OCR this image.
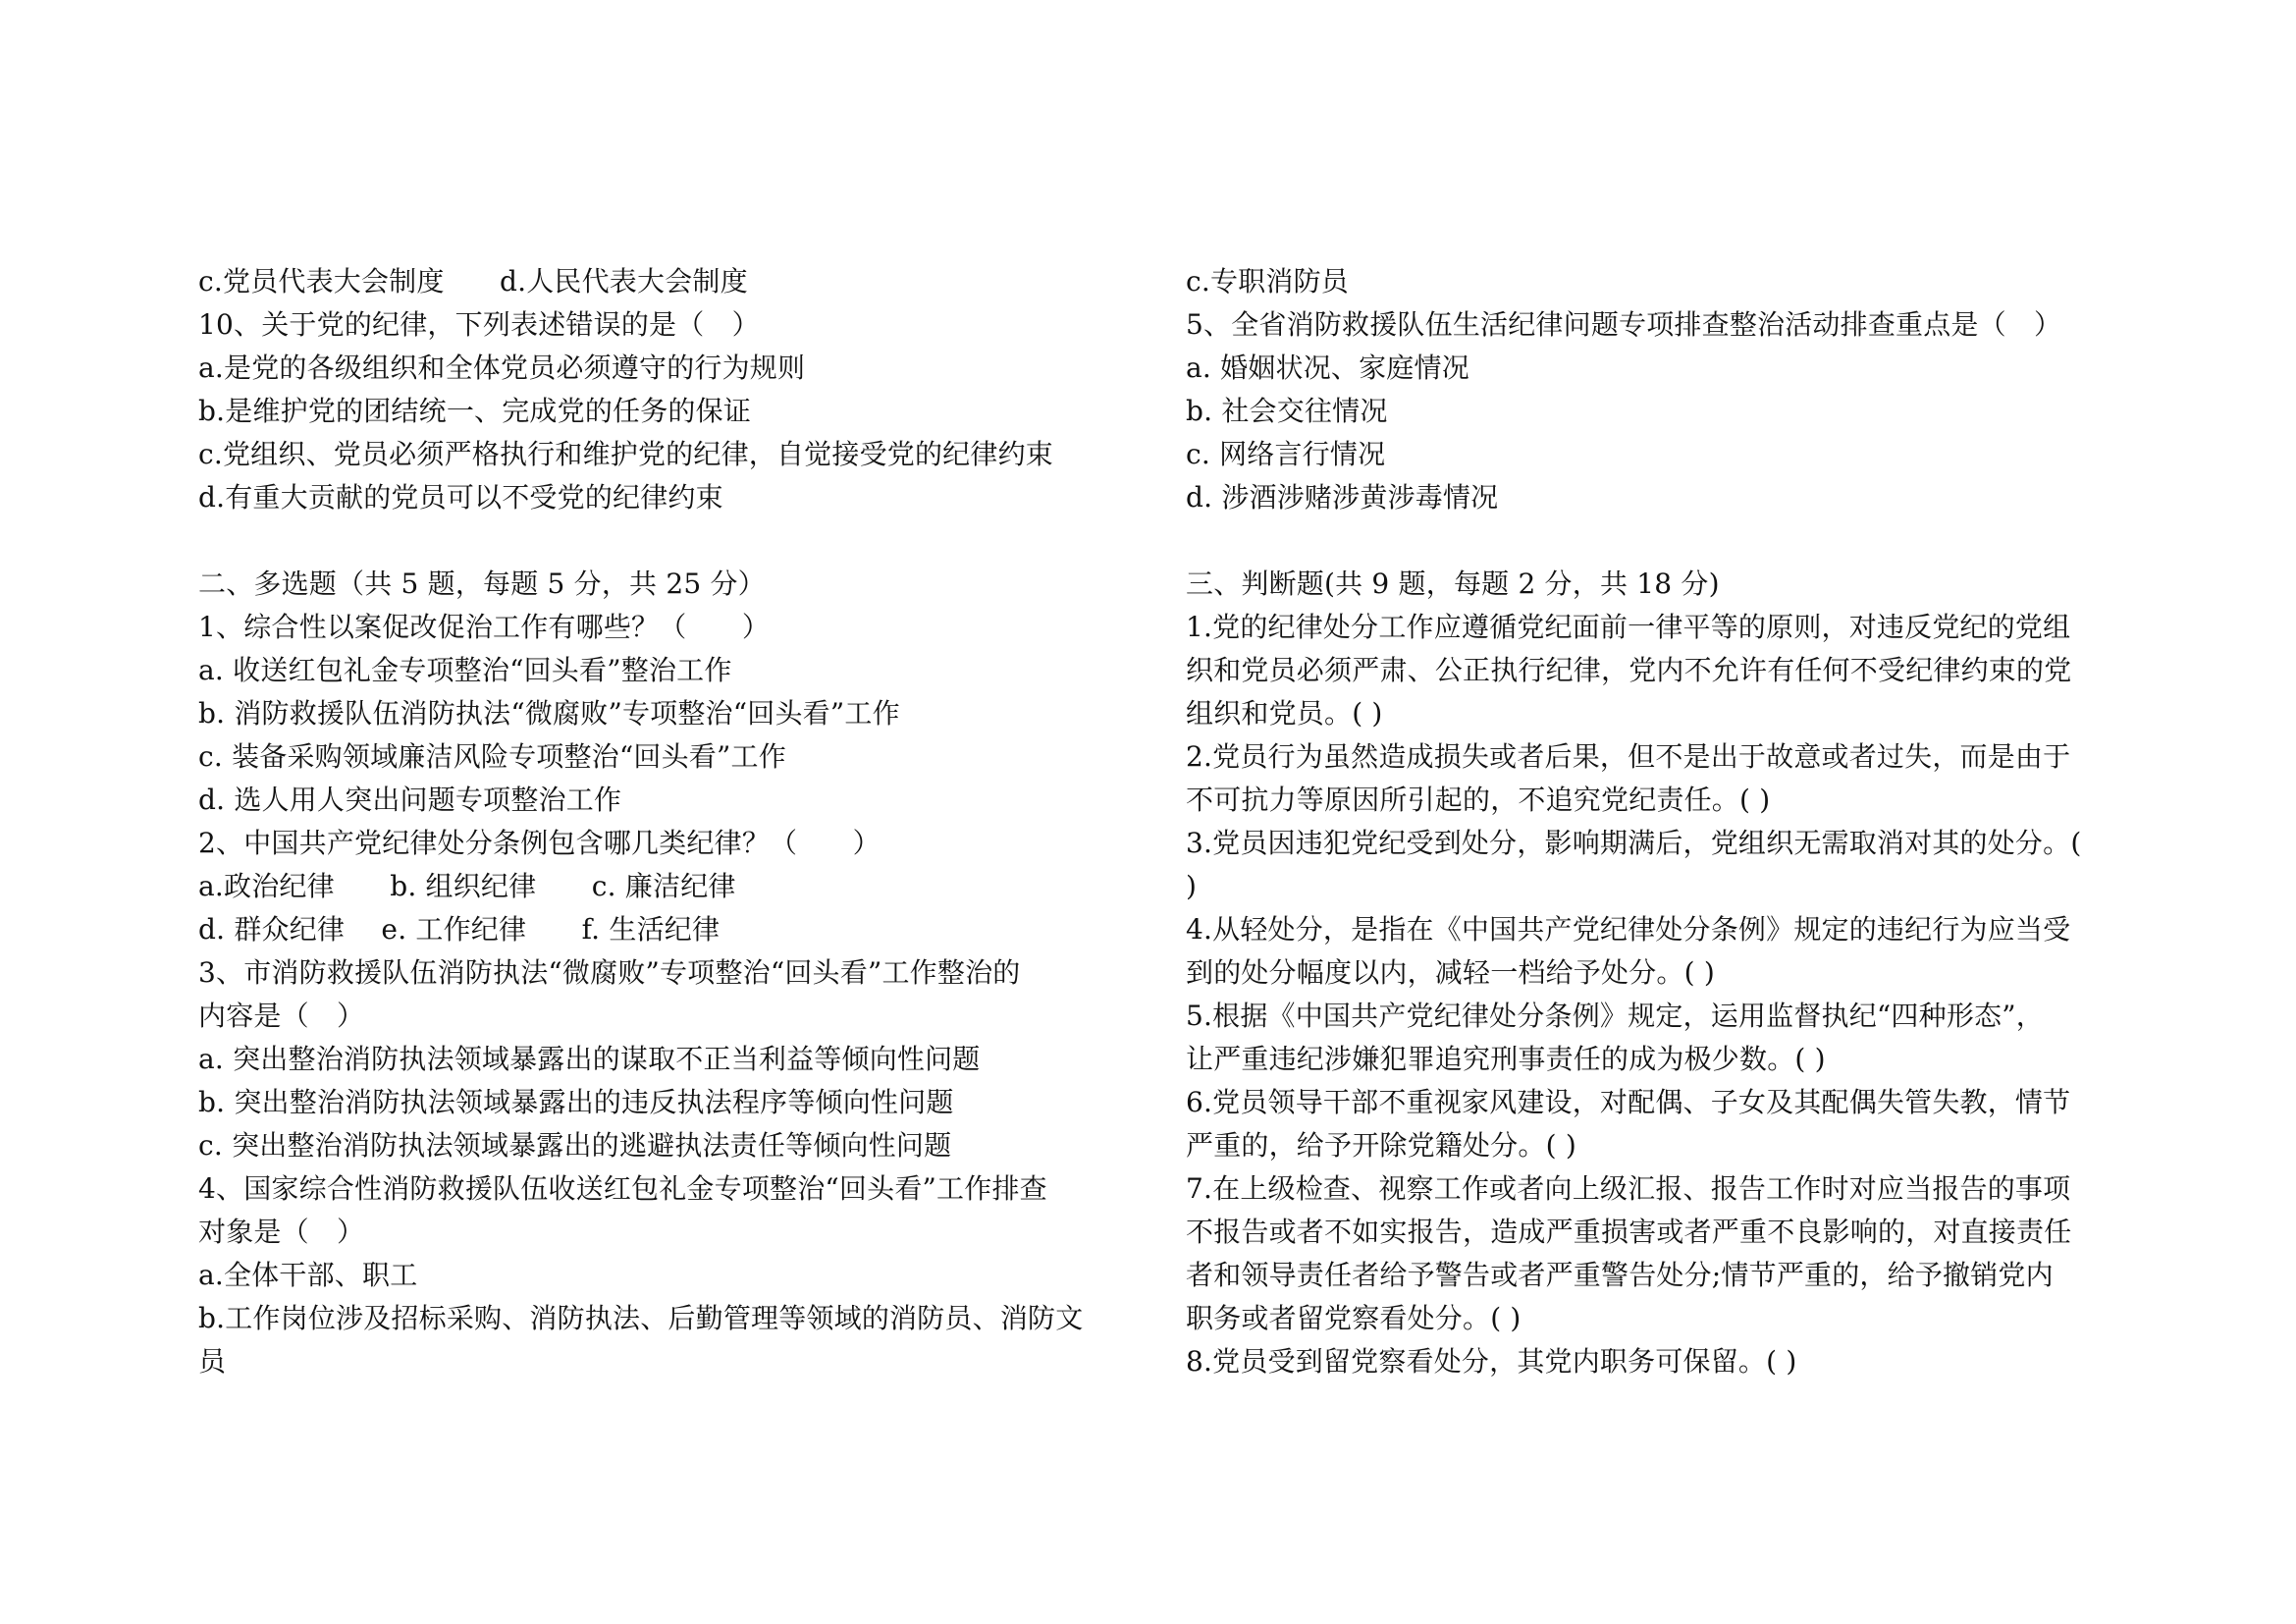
c.党员代表大会制度　　d.人民代表大会制度
10、关于党的纪律，下列表述错误的是（　）
a.是党的各级组织和全体党员必须遵守的行为规则
b.是维护党的团结统一、完成党的任务的保证
c.党组织、党员必须严格执行和维护党的纪律，自觉接受党的纪律约束
d.有重大贡献的党员可以不受党的纪律约束
二、多选题（共 5 题，每题 5 分，共 25 分）
1、综合性以案促改促治工作有哪些？（　　）
a. 收送红包礼金专项整治“回头看”整治工作
b. 消防救援队伍消防执法“微腐败”专项整治“回头看”工作
c. 装备采购领域廉洁风险专项整治“回头看”工作
d. 选人用人突出问题专项整治工作
2、中国共产党纪律处分条例包含哪几类纪律？（　　）
a.政治纪律　　b. 组织纪律　　c. 廉洁纪律
d. 群众纪律　 e. 工作纪律　　f. 生活纪律
3、市消防救援队伍消防执法“微腐败”专项整治“回头看”工作整治的
内容是（　）
a. 突出整治消防执法领域暴露出的谋取不正当利益等倾向性问题
b. 突出整治消防执法领域暴露出的违反执法程序等倾向性问题
c. 突出整治消防执法领域暴露出的逃避执法责任等倾向性问题
4、国家综合性消防救援队伍收送红包礼金专项整治“回头看”工作排查
对象是（　）
a.全体干部、职工
b.工作岗位涉及招标采购、消防执法、后勤管理等领域的消防员、消防文
员
c.专职消防员
5、全省消防救援队伍生活纪律问题专项排查整治活动排查重点是（　）
a. 婚姻状况、家庭情况
b. 社会交往情况
c. 网络言行情况
d. 涉酒涉赌涉黄涉毒情况
三、判断题(共 9 题，每题 2 分，共 18 分)
1.党的纪律处分工作应遵循党纪面前一律平等的原则，对违反党纪的党组
织和党员必须严肃、公正执行纪律，党内不允许有任何不受纪律约束的党
组织和党员。( )
2.党员行为虽然造成损失或者后果，但不是出于故意或者过失，而是由于
不可抗力等原因所引起的，不追究党纪责任。( )
3.党员因违犯党纪受到处分，影响期满后，党组织无需取消对其的处分。(
)
4.从轻处分，是指在《中国共产党纪律处分条例》规定的违纪行为应当受
到的处分幅度以内，减轻一档给予处分。( )
5.根据《中国共产党纪律处分条例》规定，运用监督执纪“四种形态”，
让严重违纪涉嫌犯罪追究刑事责任的成为极少数。( )
6.党员领导干部不重视家风建设，对配偶、子女及其配偶失管失教，情节
严重的，给予开除党籍处分。( )
7.在上级检查、视察工作或者向上级汇报、报告工作时对应当报告的事项
不报告或者不如实报告，造成严重损害或者严重不良影响的，对直接责任
者和领导责任者给予警告或者严重警告处分;情节严重的，给予撤销党内
职务或者留党察看处分。( )
8.党员受到留党察看处分，其党内职务可保留。( )
